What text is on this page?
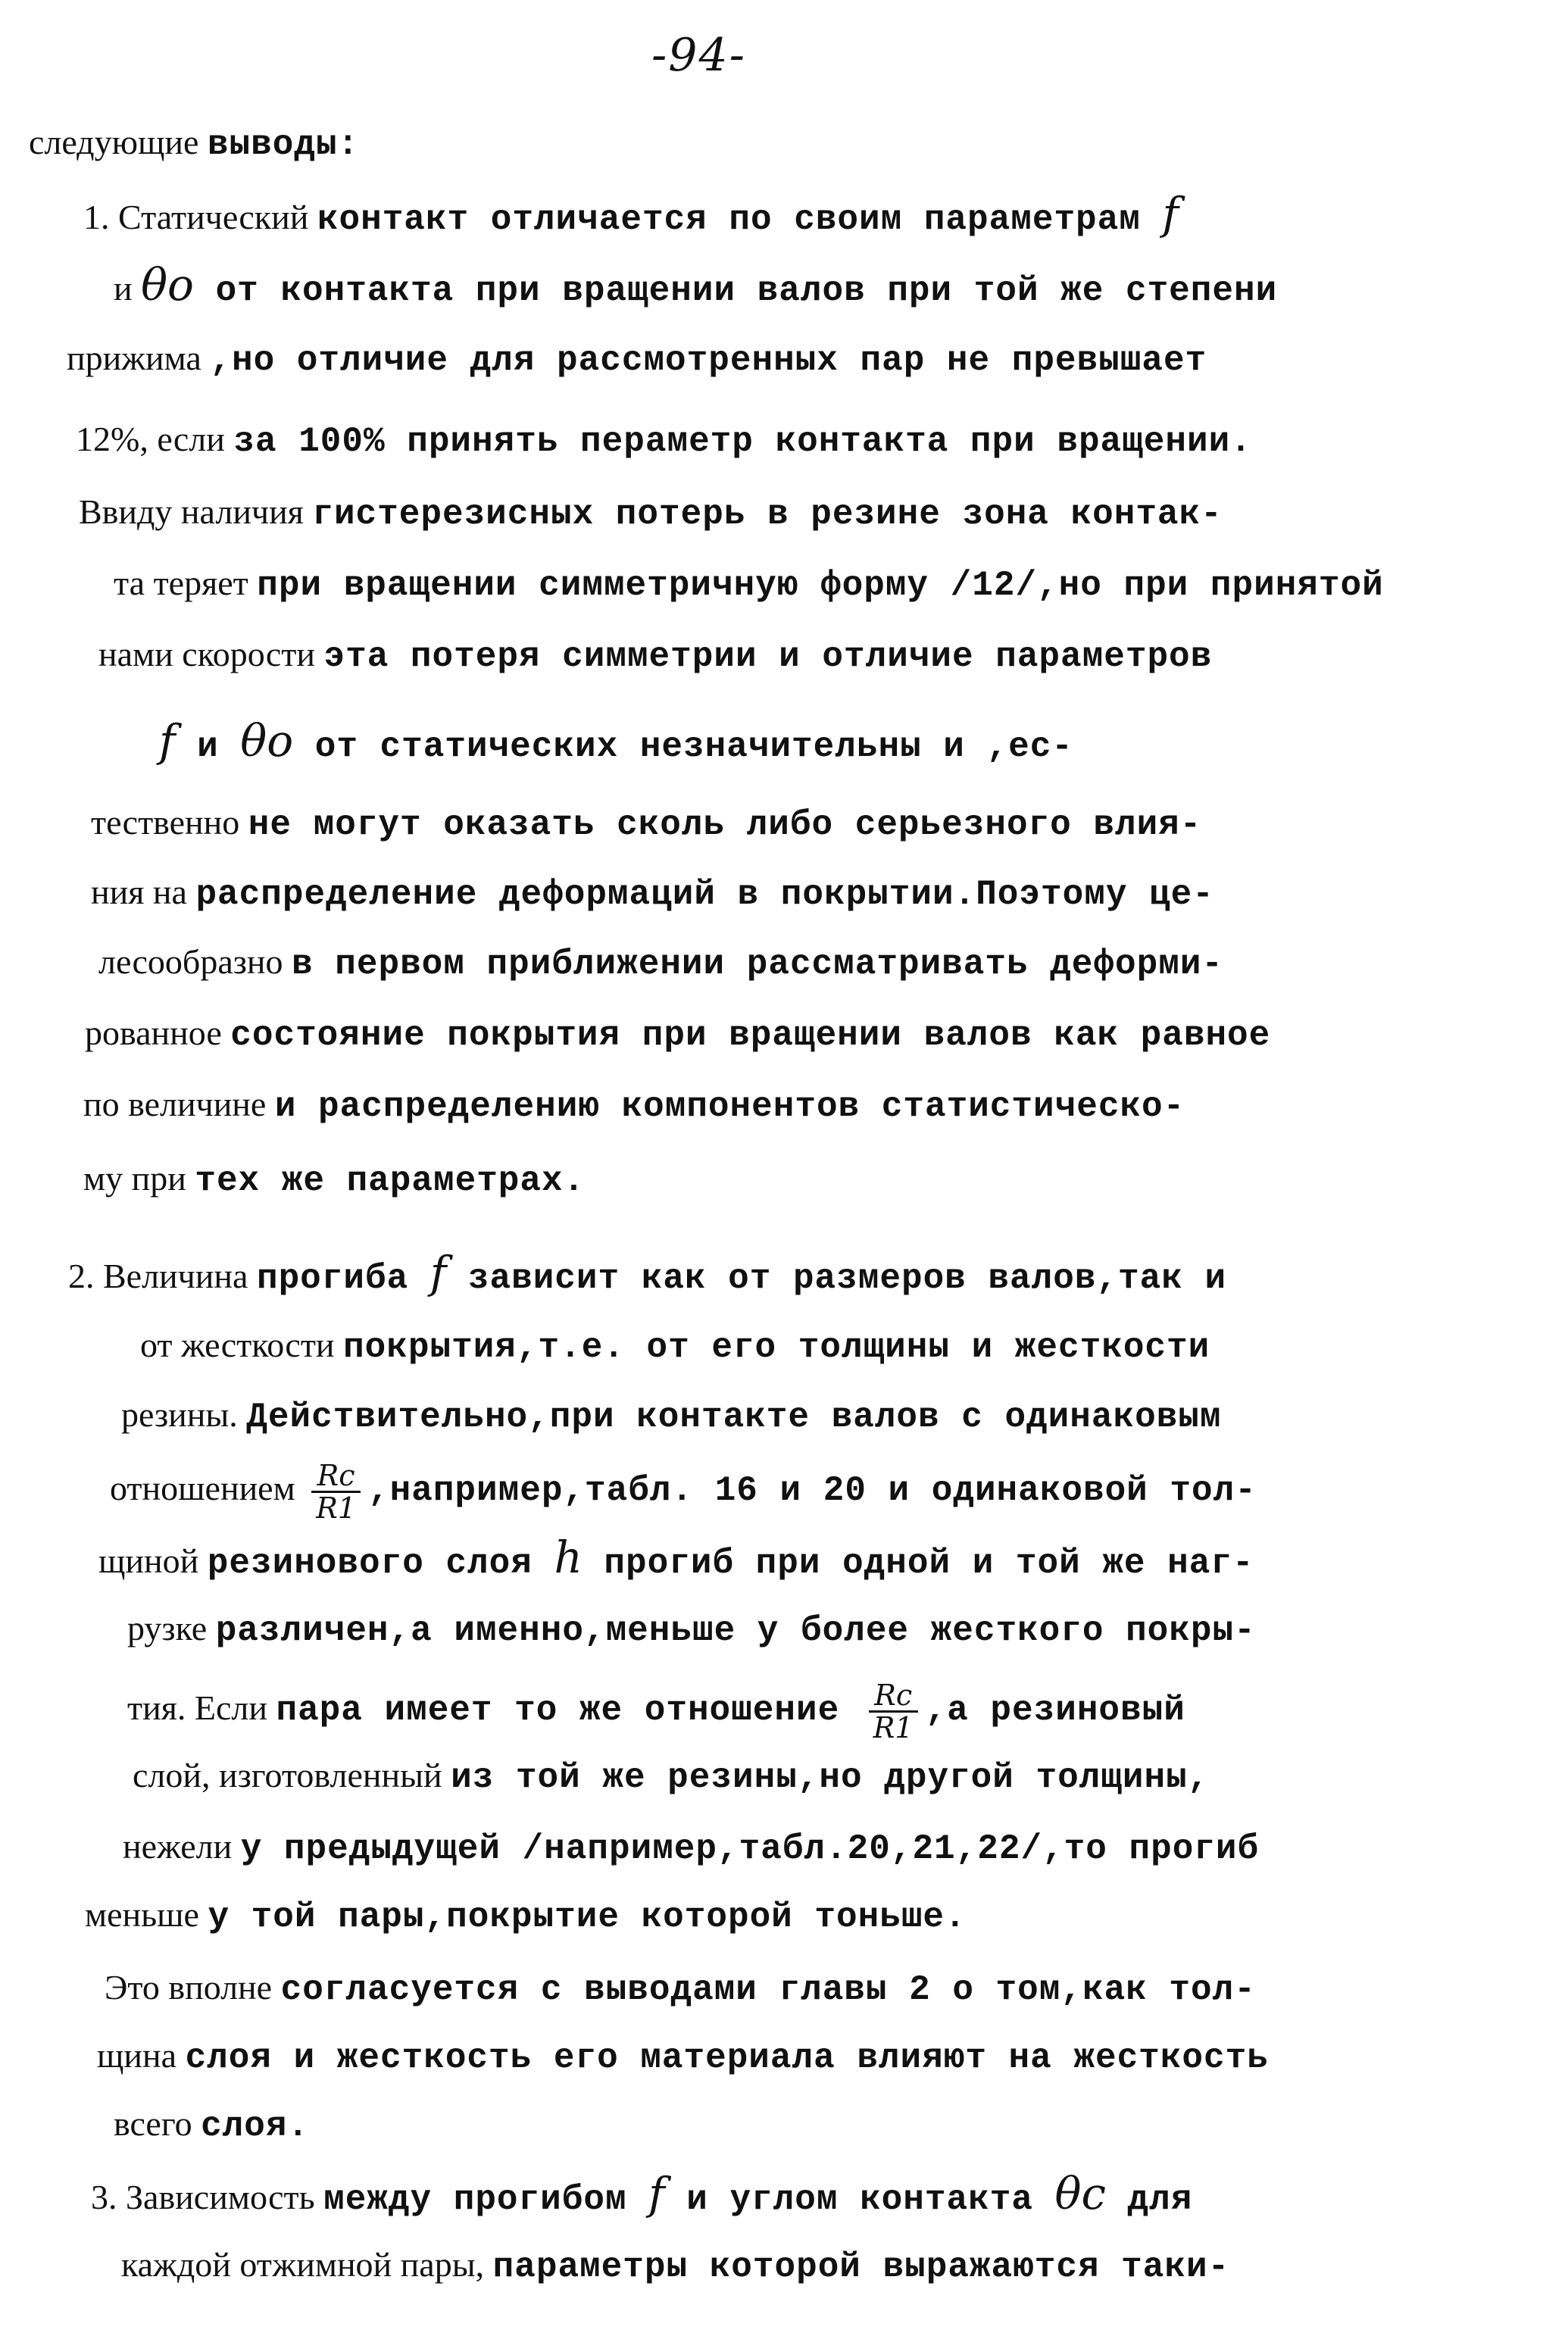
-94-
следующие выводы:
1. Статический контакт отличается по своим параметрам f
и θo от контакта при вращении валов при той же степени
прижима ,но отличие для рассмотренных пар не превышает
12%, если за 100% принять пераметр контакта при вращении.
Ввиду наличия гистерезисных потерь в резине зона контак-
та теряет при вращении симметричную форму /12/,но при принятой
нами скорости эта потеря симметрии и отличие параметров
f и θo от статических незначительны и ,ес-
тественно не могут оказать сколь либо серьезного влия-
ния на распределение деформаций в покрытии.Поэтому це-
лесообразно в первом приближении рассматривать деформи-
рованное состояние покрытия при вращении валов как равное
по величине и распределению компонентов статистическо-
му при тех же параметрах.
2. Величина прогиба f зависит как от размеров валов,так и
от жесткости покрытия,т.е. от его толщины и жесткости
резины. Действительно,при контакте валов с одинаковым
отношением $\frac{Rc}{R1}$ ,например,табл. 16 и 20 и одинаковой тол-
щиной резинового слоя h прогиб при одной и той же наг-
рузке различен,а именно,меньше у более жесткого покры-
тия. Если пара имеет то же отношение $\frac{Rc}{R1} ,а$ резиновый
слой, изготовленный из той же резины,но другой толщины,
нежели у предыдущей /например,табл.20,21,22/,то прогиб
меньше у той пары,покрытие которой тоньше.
Это вполне согласуется с выводами главы 2 о том,как тол-
щина слоя и жесткость его материала влияют на жесткость
всего слоя.
3. Зависимость между прогибом f и углом контакта θc для
каждой отжимной пары, параметры которой выражаются таки-
